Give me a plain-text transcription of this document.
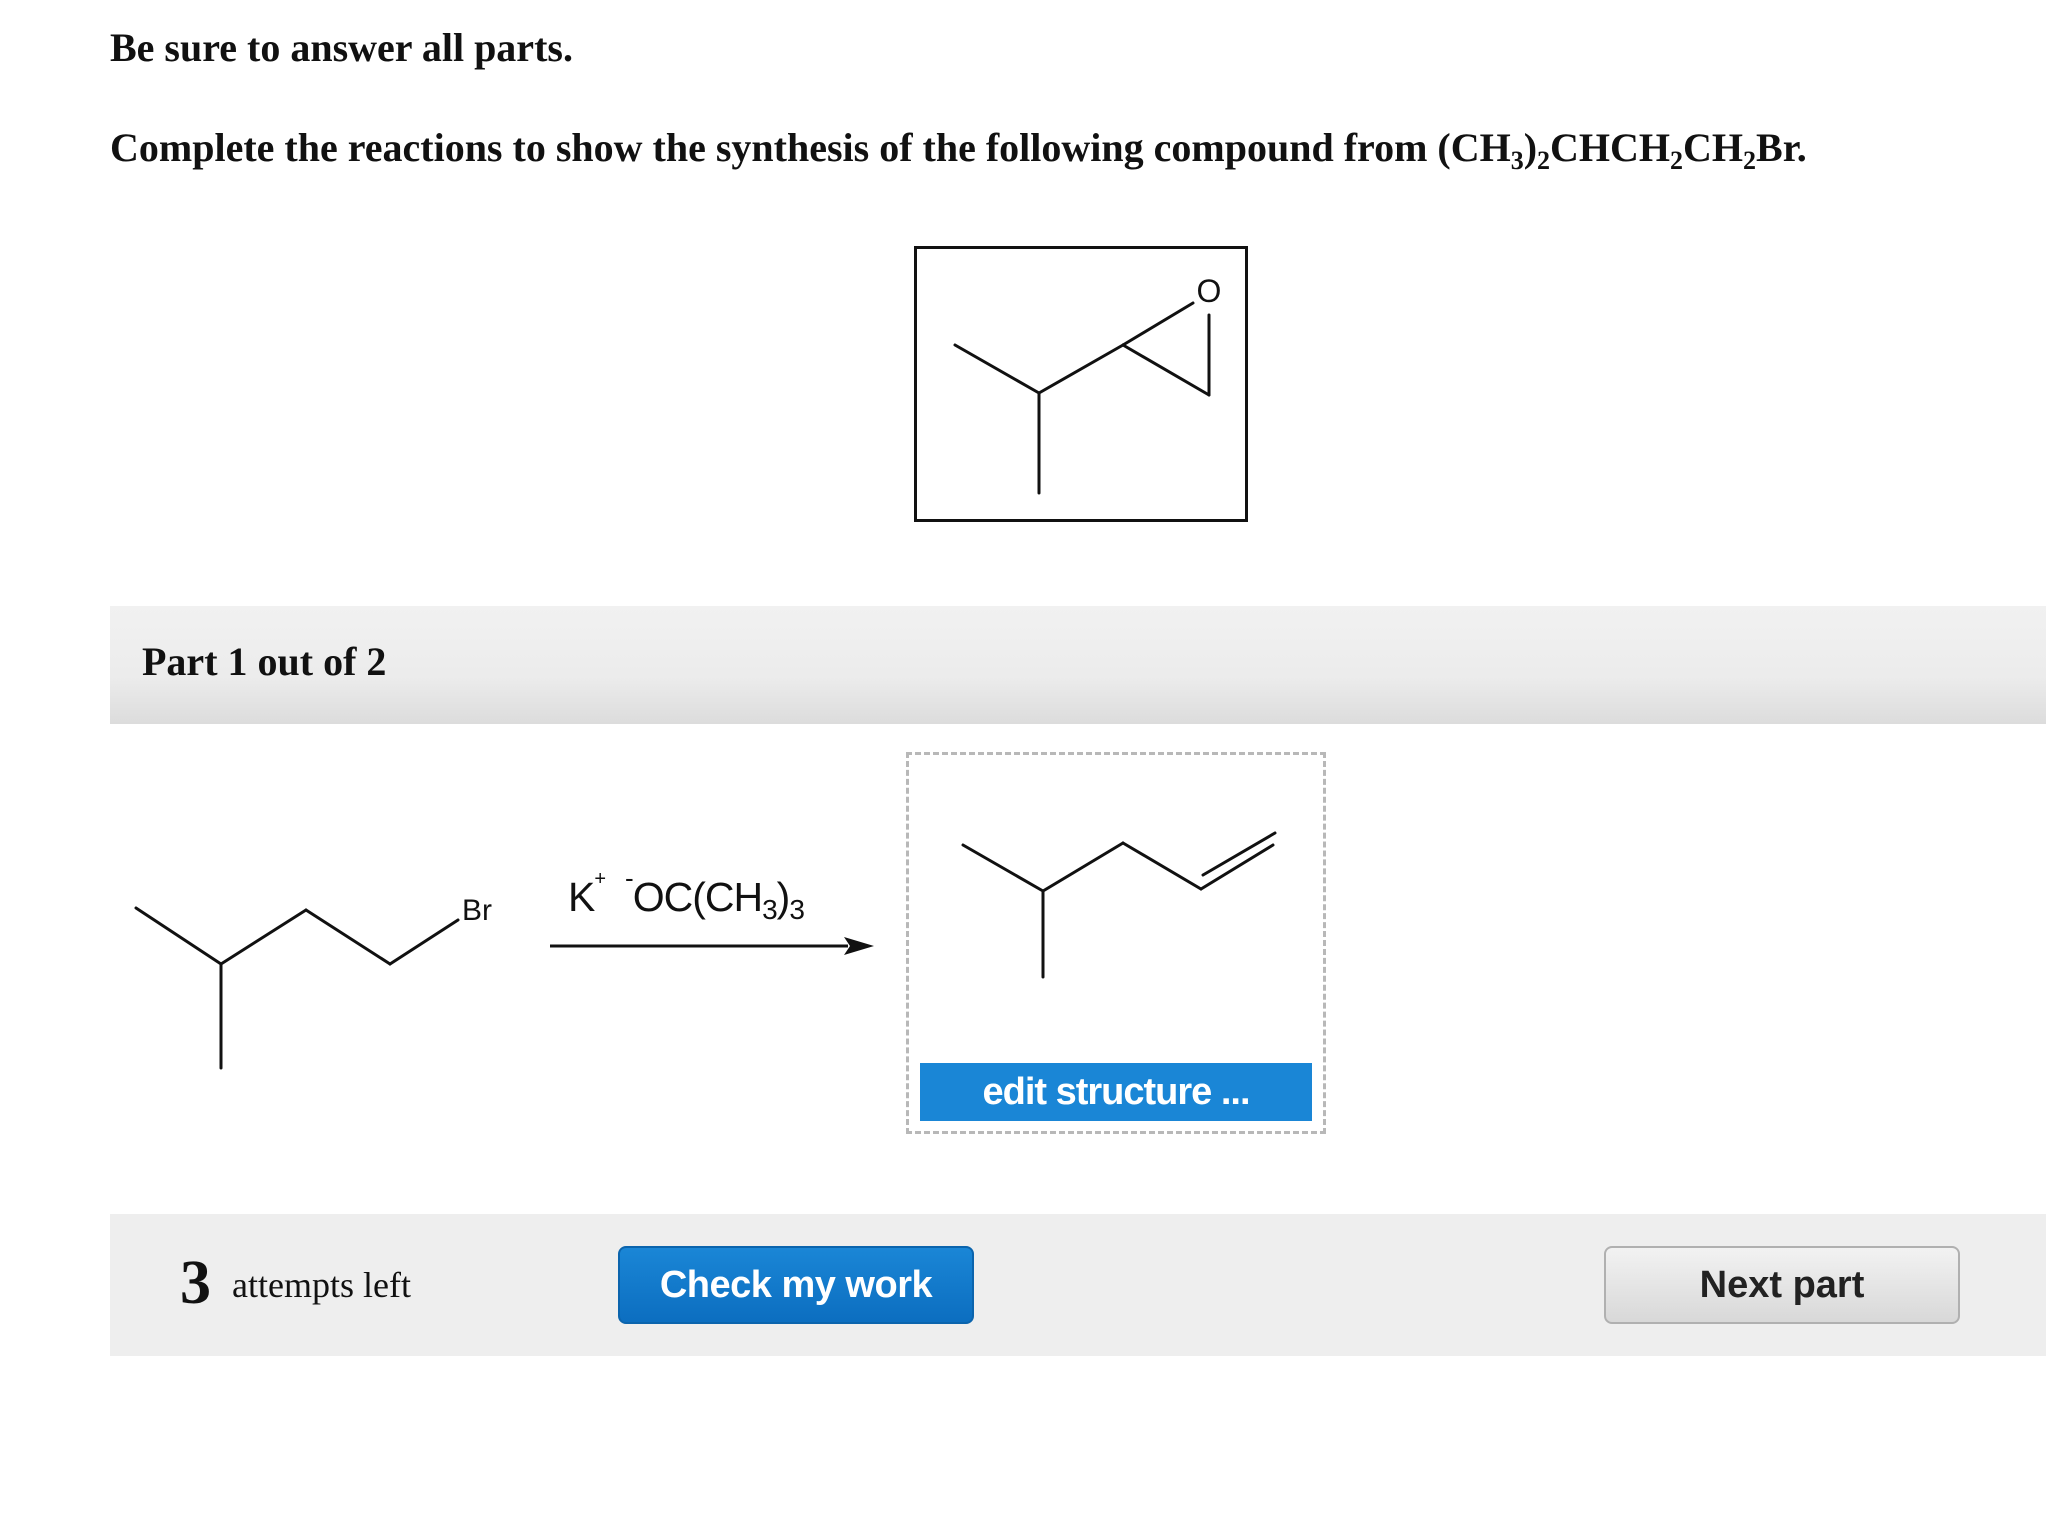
Be sure to answer all parts.

Complete the reactions to show the synthesis of the following compound from $(CH_3)_2CHCH_2CH_2Br$.

O
Part 1 out of 2
Br K+ $^-OC(CH_3)_3$
edit structure ...
3 attempts left	Check my work	Next part
